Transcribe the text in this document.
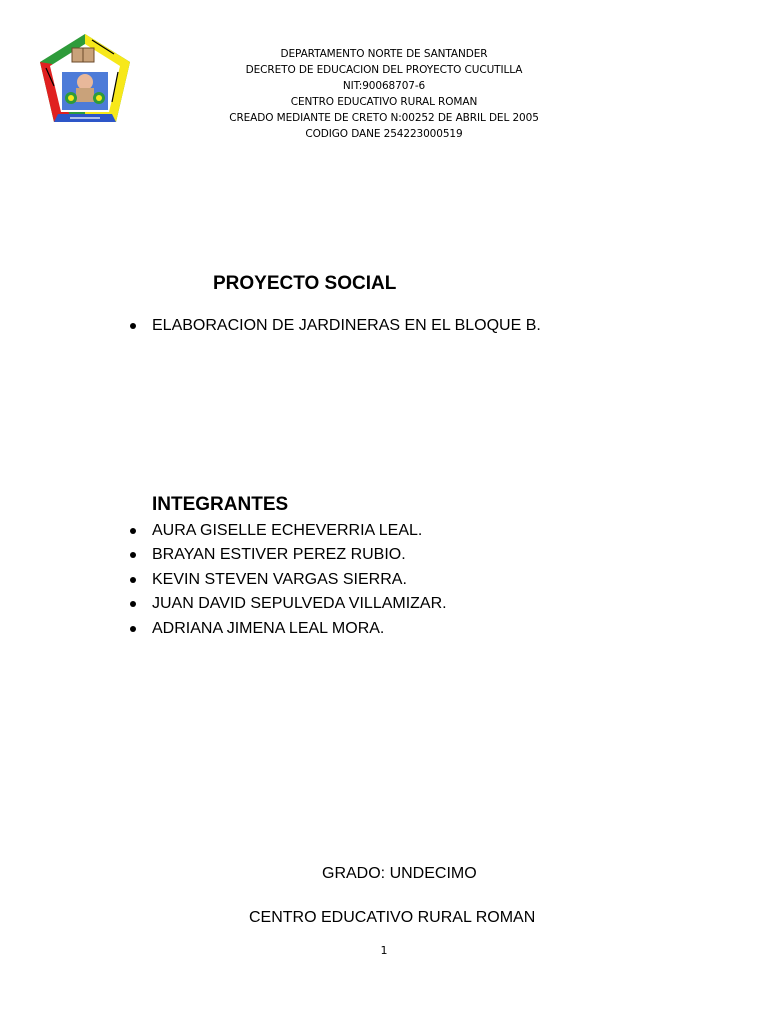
DEPARTAMENTO NORTE DE SANTANDER
DECRETO DE EDUCACION DEL PROYECTO CUCUTILLA
NIT:90068707-6
CENTRO EDUCATIVO RURAL ROMAN
CREADO MEDIANTE DE CRETO N:00252 DE ABRIL DEL 2005
CODIGO DANE 254223000519
PROYECTO SOCIAL
ELABORACION DE JARDINERAS EN EL BLOQUE B.
INTEGRANTES
AURA GISELLE ECHEVERRIA LEAL.
BRAYAN ESTIVER PEREZ RUBIO.
KEVIN STEVEN VARGAS SIERRA.
JUAN DAVID SEPULVEDA VILLAMIZAR.
ADRIANA JIMENA LEAL MORA.
GRADO: UNDECIMO
CENTRO EDUCATIVO RURAL ROMAN
1
